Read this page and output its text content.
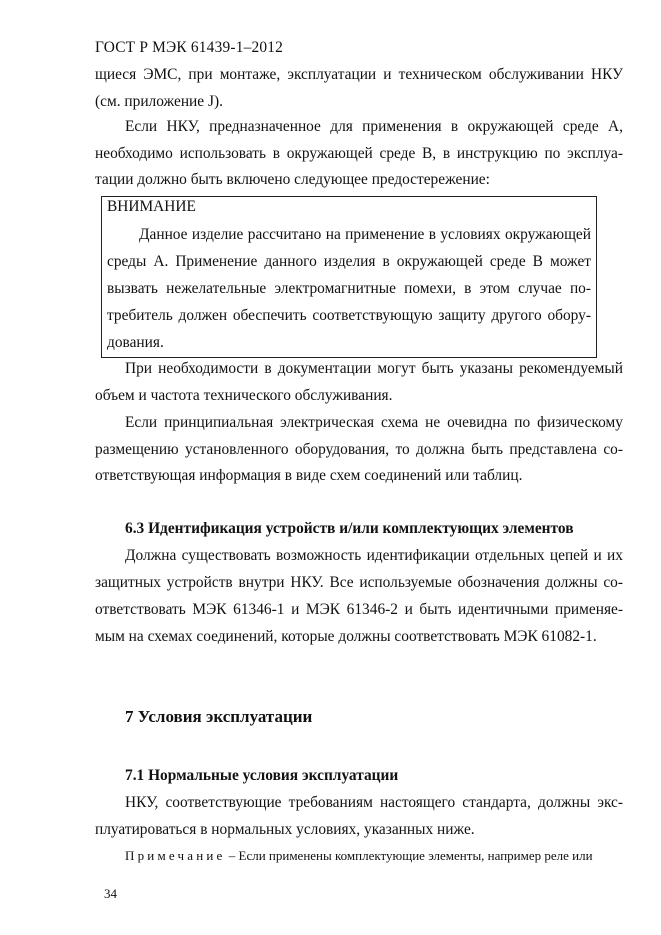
ГОСТ Р МЭК 61439-1–2012
щиеся ЭМС, при монтаже, эксплуатации и техническом обслуживании НКУ
(см. приложение J).
Если НКУ, предназначенное для применения в окружающей среде А,
необходимо использовать в окружающей среде В, в инструкцию по эксплуа-
тации должно быть включено следующее предостережение:
ВНИМАНИЕ
Данное изделие рассчитано на применение в условиях окружающей
среды А. Применение данного изделия в окружающей среде В может
вызвать нежелательные электромагнитные помехи, в этом случае по-
требитель должен обеспечить соответствующую защиту другого обору-
дования.
При необходимости в документации могут быть указаны рекомендуемый
объем и частота технического обслуживания.
Если принципиальная электрическая схема не очевидна по физическому
размещению установленного оборудования, то должна быть представлена со-
ответствующая информация в виде схем соединений или таблиц.
6.3 Идентификация устройств и/или комплектующих элементов
Должна существовать возможность идентификации отдельных цепей и их
защитных устройств внутри НКУ. Все используемые обозначения должны со-
ответствовать МЭК 61346-1 и МЭК 61346-2 и быть идентичными применяе-
мым на схемах соединений, которые должны соответствовать МЭК 61082-1.
7 Условия эксплуатации
7.1 Нормальные условия эксплуатации
НКУ, соответствующие требованиям настоящего стандарта, должны экс-
плуатироваться в нормальных условиях, указанных ниже.
Примечание – Если применены комплектующие элементы, например реле или
34
